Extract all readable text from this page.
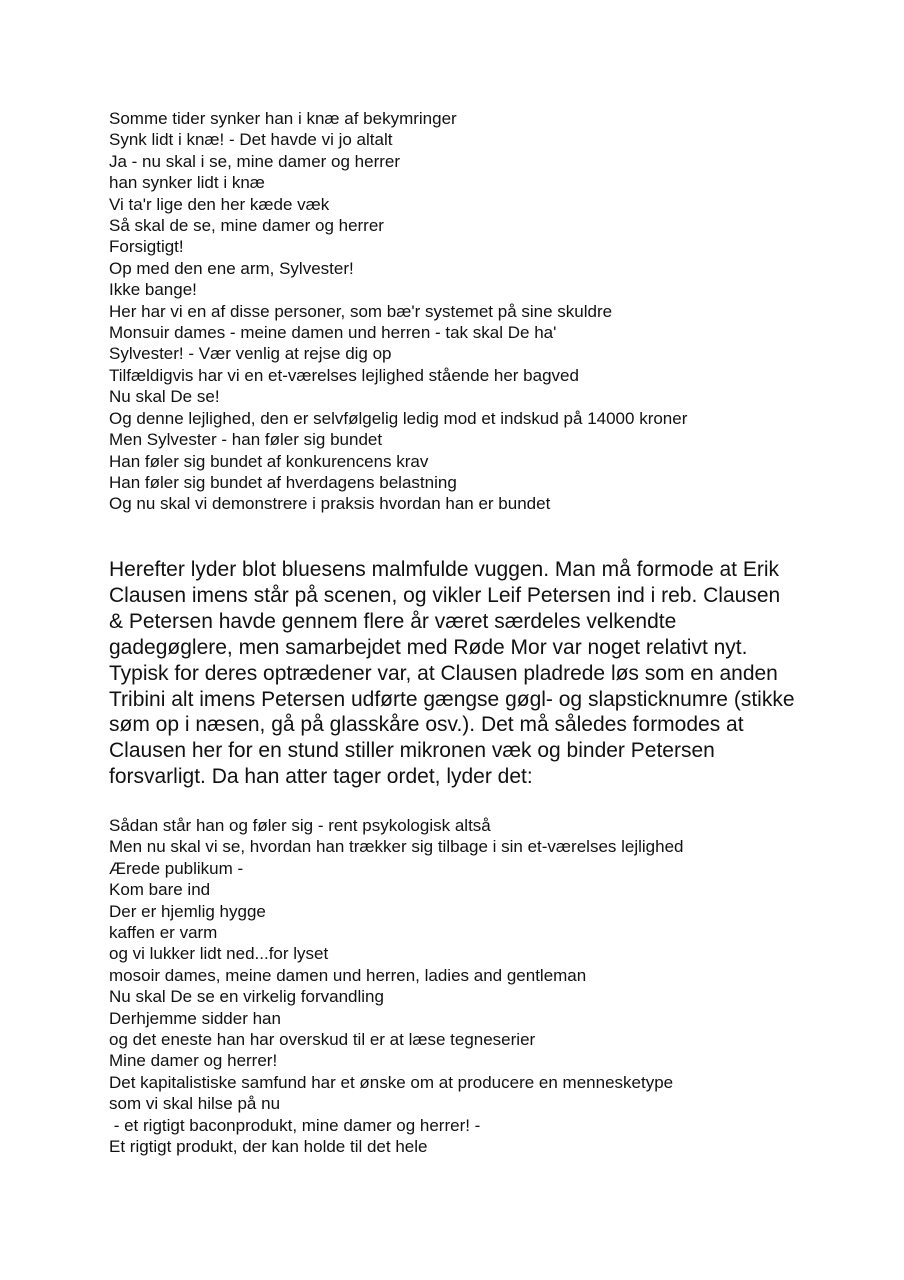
Somme tider synker han i knæ af bekymringer
Synk lidt i knæ! - Det havde vi jo altalt
Ja - nu skal i se, mine damer og herrer
han synker lidt i knæ
Vi ta'r lige den her kæde væk
Så skal de se, mine damer og herrer
Forsigtigt!
Op med den ene arm, Sylvester!
Ikke bange!
Her har vi en af disse personer, som bæ'r systemet på sine skuldre
Monsuir dames - meine damen und herren - tak skal De ha'
Sylvester! - Vær venlig at rejse dig op
Tilfældigvis har vi en et-værelses lejlighed stående her bagved
Nu skal De se!
Og denne lejlighed, den er selvfølgelig ledig mod et indskud på 14000 kroner
Men Sylvester - han føler sig bundet
Han føler sig bundet af konkurencens krav
Han føler sig bundet af hverdagens belastning
Og nu skal vi demonstrere i praksis hvordan han er bundet

Herefter lyder blot bluesens malmfulde vuggen. Man må formode at Erik Clausen imens står på scenen, og vikler Leif Petersen ind i reb. Clausen & Petersen havde gennem flere år været særdeles velkendte gadegøglere, men samarbejdet med Røde Mor var noget relativt nyt. Typisk for deres optrædener var, at Clausen pladrede løs som en anden Tribini alt imens Petersen udførte gængse gøgl- og slapsticknumre (stikke søm op i næsen, gå på glasskåre osv.). Det må således formodes at Clausen her for en stund stiller mikronen væk og binder Petersen forsvarligt. Da han atter tager ordet, lyder det:

Sådan står han og føler sig - rent psykologisk altså
Men nu skal vi se, hvordan han trækker sig tilbage i sin et-værelses lejlighed
Ærede publikum -
Kom bare ind
Der er hjemlig hygge
kaffen er varm
og vi lukker lidt ned...for lyset
mosoir dames, meine damen und herren, ladies and gentleman
Nu skal De se en virkelig forvandling
Derhjemme sidder han
og det eneste han har overskud til er at læse tegneserier
Mine damer og herrer!
Det kapitalistiske samfund har et ønske om at producere en mennesketype
som vi skal hilse på nu
- et rigtigt baconprodukt, mine damer og herrer! -
Et rigtigt produkt, der kan holde til det hele
